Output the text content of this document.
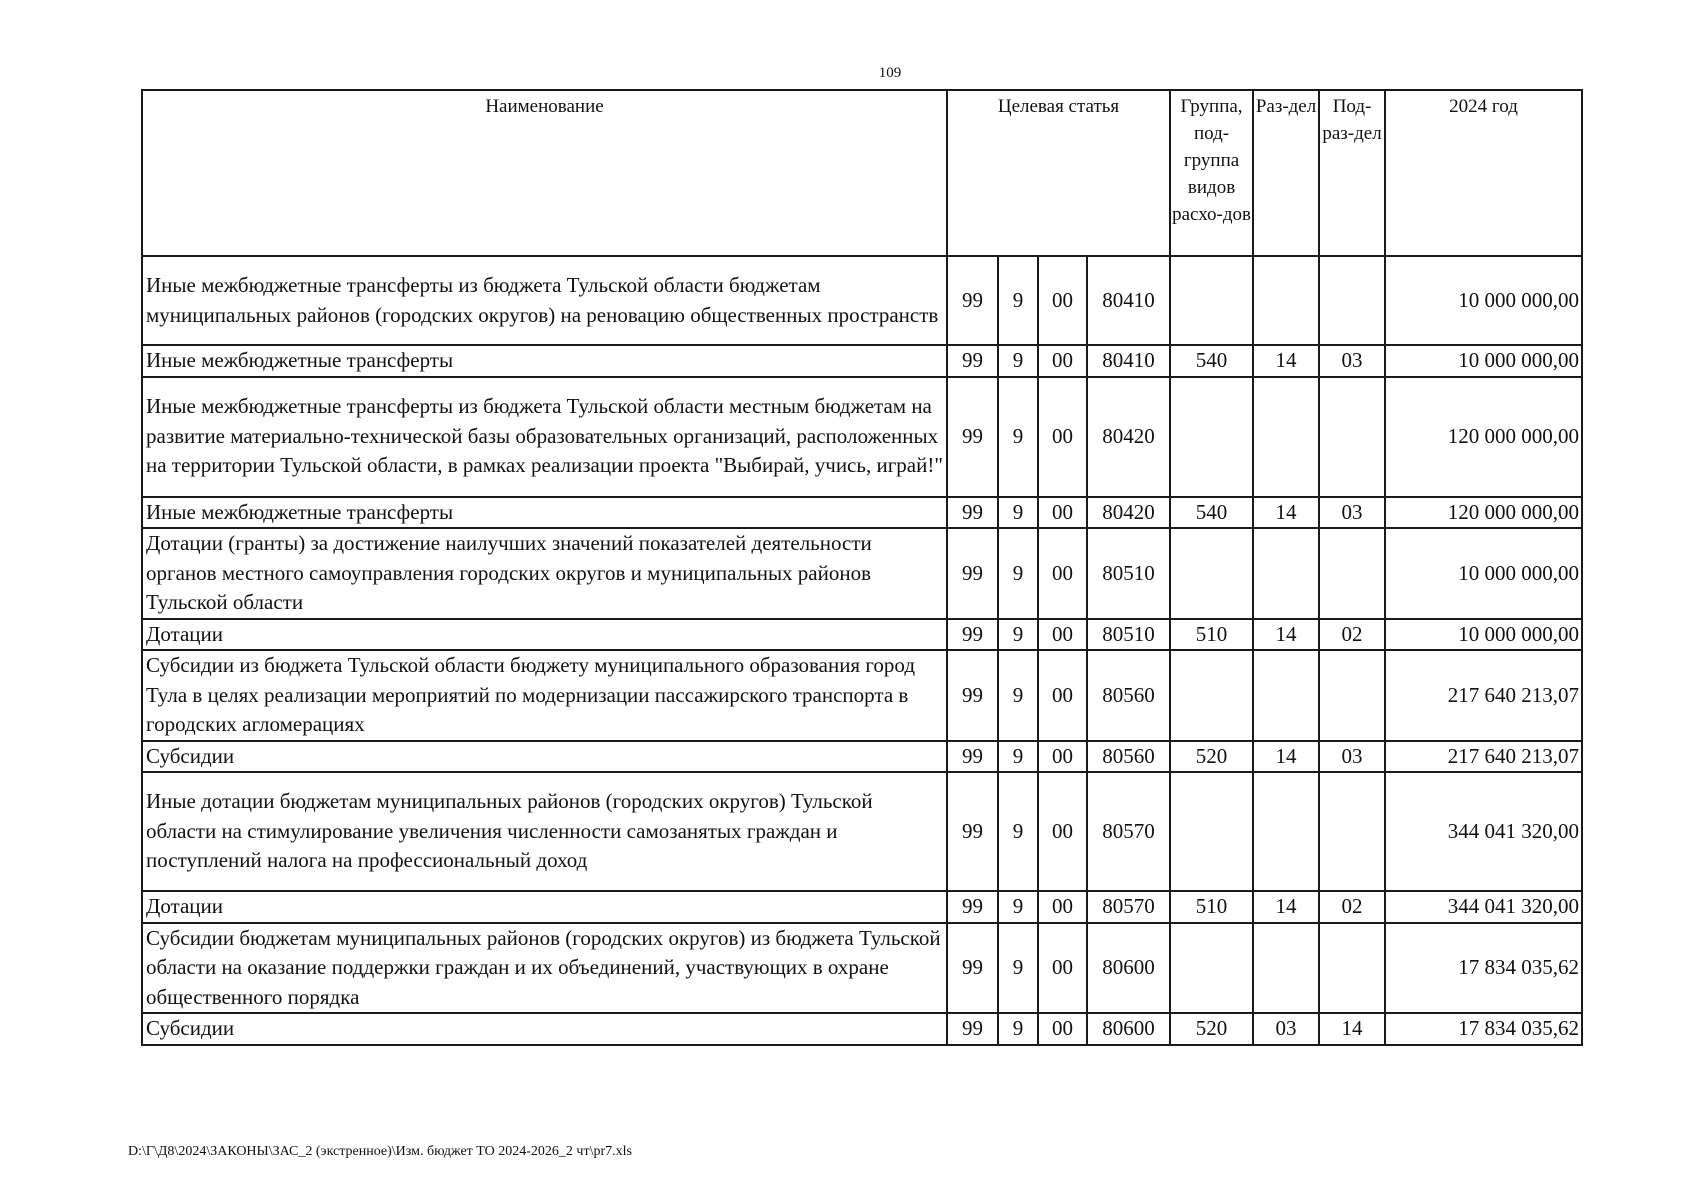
109
Наименование	Целевая статья				Группа, под-группа видов расхо-дов	Раз-дел	Под-раз-дел	2024 год
Иные межбюджетные трансферты из бюджета Тульской области бюджетам муниципальных районов (городских округов) на реновацию общественных пространств	99	9	00	80410				10 000 000,00
Иные межбюджетные трансферты	99	9	00	80410	540	14	03	10 000 000,00
Иные межбюджетные трансферты из бюджета Тульской области местным бюджетам на развитие материально-технической базы образовательных организаций, расположенных на территории Тульской области, в рамках реализации проекта "Выбирай, учись, играй!"	99	9	00	80420				120 000 000,00
Иные межбюджетные трансферты	99	9	00	80420	540	14	03	120 000 000,00
Дотации (гранты) за достижение наилучших значений показателей деятельности органов местного самоуправления городских округов и муниципальных районов Тульской области	99	9	00	80510				10 000 000,00
Дотации	99	9	00	80510	510	14	02	10 000 000,00
Субсидии из бюджета Тульской области бюджету муниципального образования город Тула в целях реализации мероприятий по модернизации пассажирского транспорта в городских агломерациях	99	9	00	80560				217 640 213,07
Субсидии	99	9	00	80560	520	14	03	217 640 213,07
Иные дотации бюджетам муниципальных районов (городских округов) Тульской области на стимулирование увеличения численности самозанятых граждан и поступлений налога на профессиональный доход	99	9	00	80570				344 041 320,00
Дотации	99	9	00	80570	510	14	02	344 041 320,00
Субсидии бюджетам муниципальных районов (городских округов) из бюджета Тульской области на оказание поддержки граждан и их объединений, участвующих в охране общественного порядка	99	9	00	80600				17 834 035,62
Субсидии	99	9	00	80600	520	03	14	17 834 035,62
D:\Г\Д8\2024\ЗАКОНЫ\ЗАС_2 (экстренное)\Изм. бюджет ТО 2024-2026_2 чт\pr7.xls
